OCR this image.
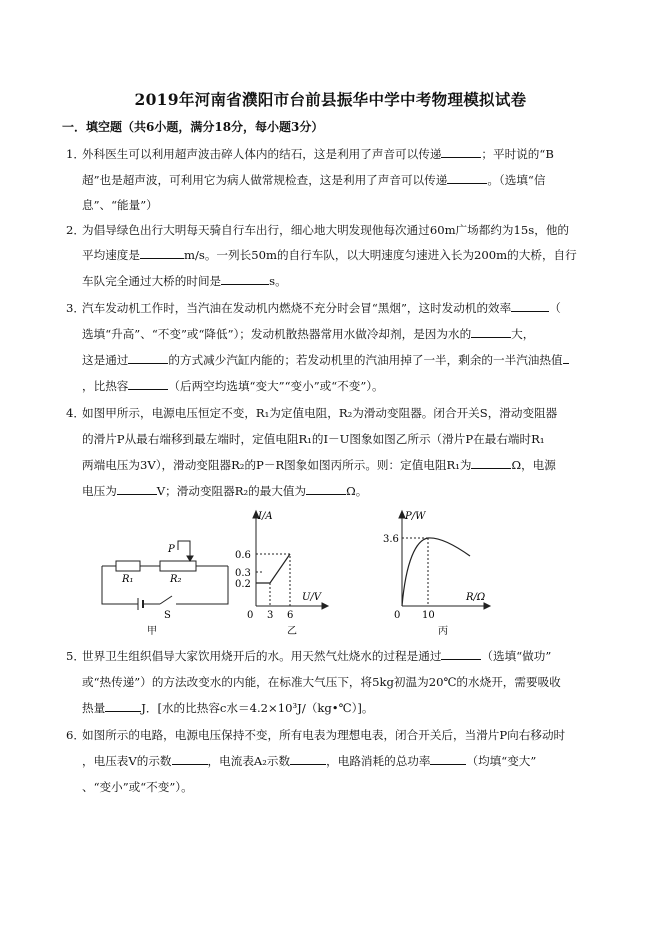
2019年河南省濮阳市台前县振华中学中考物理模拟试卷
一．填空题（共6小题，满分18分，每小题3分）
1．
外科医生可以利用超声波击碎人体内的结石，这是利用了声音可以传递	；平时说的“B
超”也是超声波，可利用它为病人做常规检查，这是利用了声音可以传递	。（选填“信
息”、“能量”）
2．
为倡导绿色出行大明每天骑自行车出行，细心地大明发现他每次通过60m广场都约为15s，他的
平均速度是	m/s。一列长50m的自行车队，以大明速度匀速进入长为200m的大桥，自行
车队完全通过大桥的时间是	s。
3．
汽车发动机工作时，当汽油在发动机内燃烧不充分时会冒“黑烟”，这时发动机的效率	（
选填“升高”、“不变”或“降低”）；发动机散热器常用水做冷却剂，是因为水的	大，
这是通过	的方式减少汽缸内能的；若发动机里的汽油用掉了一半，剩余的一半汽油热值
，比热容	（后两空均选填“变大”“变小”或“不变”）。
4．
如图甲所示，电源电压恒定不变，R₁为定值电阻，R₂为滑动变阻器。闭合开关S，滑动变阻器
的滑片P从最右端移到最左端时，定值电阻R₁的I－U图象如图乙所示（滑片P在最右端时R₁
两端电压为3V），滑动变阻器R₂的P－R图象如图丙所示。则：定值电阻R₁为	Ω，电源
电压为	V；滑动变阻器R₂的最大值为	Ω。
R₁	R₂
P
S
甲
I/A
U/V
0.6
0.3
0.2
3 6
0
乙
P/W
R/Ω
3.6
10
0
丙
5．
世界卫生组织倡导大家饮用烧开后的水。用天然气灶烧水的过程是通过	（选填“做功”
或“热传递”）的方法改变水的内能，在标准大气压下，将5kg初温为20℃的水烧开，需要吸收
热量	J．[水的比热容c水＝4.2×10³J/（kg•℃）]。
6．
如图所示的电路，电源电压保持不变，所有电表为理想电表，闭合开关后，当滑片P向右移动时
，电压表V的示数	，电流表A₂示数	，电路消耗的总功率	（均填“变大”
、“变小”或“不变”）。
